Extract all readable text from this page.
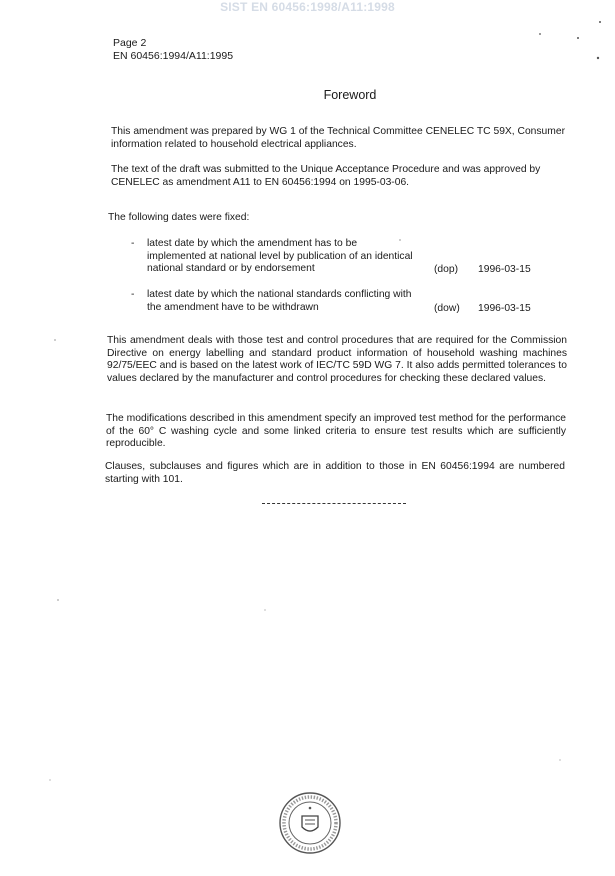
SIST EN 60456:1998/A11:1998
Page 2
EN 60456:1994/A11:1995
Foreword
This amendment was prepared by WG 1 of the Technical Committee CENELEC TC 59X, Consumer information related to household electrical appliances.
The text of the draft was submitted to the Unique Acceptance Procedure and was approved by CENELEC as amendment A11 to EN 60456:1994 on 1995-03-06.
The following dates were fixed:
- latest date by which the amendment has to be implemented at national level by publication of an identical national standard or by endorsement	(dop)	1996-03-15
- latest date by which the national standards conflicting with the amendment have to be withdrawn	(dow)	1996-03-15
This amendment deals with those test and control procedures that are required for the Commission Directive on energy labelling and standard product information of household washing machines 92/75/EEC and is based on the latest work of IEC/TC 59D WG 7. It also adds permitted tolerances to values declared by the manufacturer and control procedures for checking these declared values.
The modifications described in this amendment specify an improved test method for the performance of the 60° C washing cycle and some linked criteria to ensure test results which are sufficiently reproducible.
Clauses, subclauses and figures which are in addition to those in EN 60456:1994 are numbered starting with 101.
